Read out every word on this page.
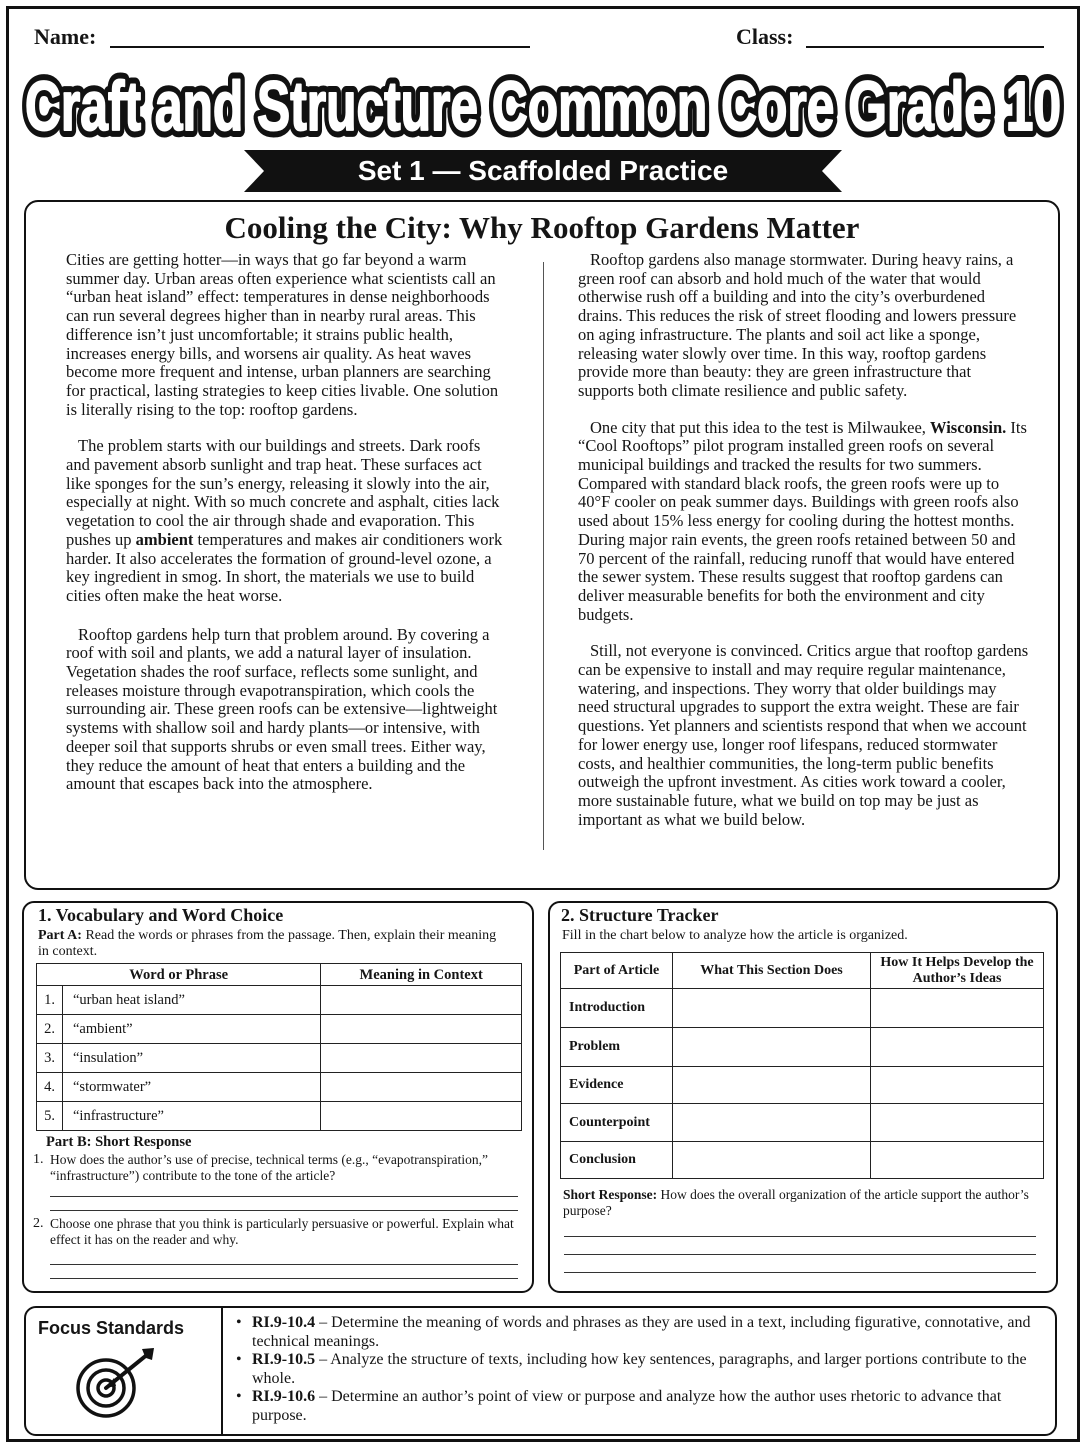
Name:	Class:
Craft and Structure Common Core Grade 10
Craft and Structure Common Core Grade 10
Set 1 — Scaffolded Practice
Cooling the City: Why Rooftop Gardens Matter

Cities are getting hotter—in ways that go far beyond a warm summer day. Urban areas often experience what scientists call an “urban heat island” effect: temperatures in dense neighborhoods can run several degrees higher than in nearby rural areas. This difference isn’t just uncomfortable; it strains public health, increases energy bills, and worsens air quality. As heat waves become more frequent and intense, urban planners are searching for practical, lasting strategies to keep cities livable. One solution is literally rising to the top: rooftop gardens.

The problem starts with our buildings and streets. Dark roofs and pavement absorb sunlight and trap heat. These surfaces act like sponges for the sun’s energy, releasing it slowly into the air, especially at night. With so much concrete and asphalt, cities lack vegetation to cool the air through shade and evaporation. This pushes up ambient temperatures and makes air conditioners work harder. It also accelerates the formation of ground-level ozone, a key ingredient in smog. In short, the materials we use to build cities often make the heat worse.

Rooftop gardens help turn that problem around. By covering a roof with soil and plants, we add a natural layer of insulation. Vegetation shades the roof surface, reflects some sunlight, and releases moisture through evapotranspiration, which cools the surrounding air. These green roofs can be extensive—lightweight systems with shallow soil and hardy plants—or intensive, with deeper soil that supports shrubs or even small trees. Either way, they reduce the amount of heat that enters a building and the amount that escapes back into the atmosphere.

Rooftop gardens also manage stormwater. During heavy rains, a green roof can absorb and hold much of the water that would otherwise rush off a building and into the city’s overburdened drains. This reduces the risk of street flooding and lowers pressure on aging infrastructure. The plants and soil act like a sponge, releasing water slowly over time. In this way, rooftop gardens provide more than beauty: they are green infrastructure that supports both climate resilience and public safety.

One city that put this idea to the test is Milwaukee, Wisconsin. Its “Cool Rooftops” pilot program installed green roofs on several municipal buildings and tracked the results for two summers. Compared with standard black roofs, the green roofs were up to 40°F cooler on peak summer days. Buildings with green roofs also used about 15% less energy for cooling during the hottest months. During major rain events, the green roofs retained between 50 and 70 percent of the rainfall, reducing runoff that would have entered the sewer system. These results suggest that rooftop gardens can deliver measurable benefits for both the environment and city budgets.

Still, not everyone is convinced. Critics argue that rooftop gardens can be expensive to install and may require regular maintenance, watering, and inspections. They worry that older buildings may need structural upgrades to support the extra weight. These are fair questions. Yet planners and scientists respond that when we account for lower energy use, longer roof lifespans, reduced stormwater costs, and healthier communities, the long-term public benefits outweigh the upfront investment. As cities work toward a cooler, more sustainable future, what we build on top may be just as important as what we build below.

1. Vocabulary and Word Choice
Part A: Read the words or phrases from the passage. Then, explain their meaning in context.
Word or Phrase		Meaning in Context
1.	“urban heat island”	
2.	“ambient”	
3.	“insulation”	
4.	“stormwater”	
5.	“infrastructure”	
Part B: Short Response
1. How does the author’s use of precise, technical terms (e.g., “evapotranspiration,” “infrastructure”) contribute to the tone of the article?
2. Choose one phrase that you think is particularly persuasive or powerful. Explain what effect it has on the reader and why.
2. Structure Tracker
Fill in the chart below to analyze how the article is organized.
Part of Article	What This Section Does	How It Helps Develop the Author’s Ideas
Introduction		
Problem		
Evidence		
Counterpoint		
Conclusion		
Short Response: How does the overall organization of the article support the author’s purpose?
Focus Standards	• RI.9-10.4 – Determine the meaning of words and phrases as they are used in a text, including figurative, connotative, and technical meanings.
• RI.9-10.5 – Analyze the structure of texts, including how key sentences, paragraphs, and larger portions contribute to the whole.
• RI.9-10.6 – Determine an author’s point of view or purpose and analyze how the author uses rhetoric to advance that purpose.
